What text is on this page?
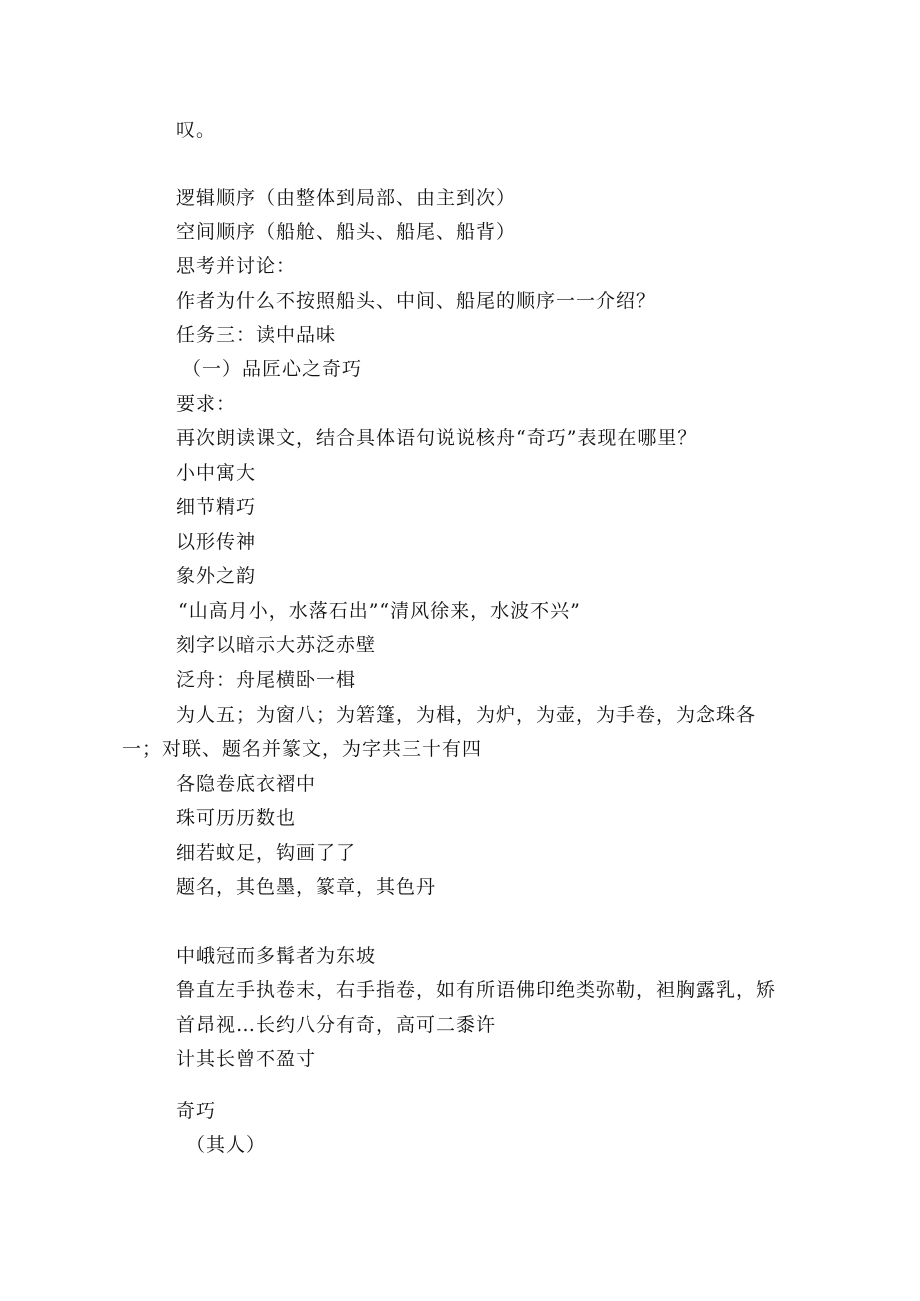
叹。
逻辑顺序（由整体到局部、由主到次）
空间顺序（船舱、船头、船尾、船背）
思考并讨论：
作者为什么不按照船头、中间、船尾的顺序一一介绍？
任务三：读中品味
（一）品匠心之奇巧
要求：
再次朗读课文，结合具体语句说说核舟“奇巧”表现在哪里？
小中寓大
细节精巧
以形传神
象外之韵
“山高月小，水落石出”“清风徐来，水波不兴”
刻字以暗示大苏泛赤壁
泛舟：舟尾横卧一楫
为人五；为窗八；为箬篷，为楫，为炉，为壶，为手卷，为念珠各
一；对联、题名并篆文，为字共三十有四
各隐卷底衣褶中
珠可历历数也
细若蚊足，钩画了了
题名，其色墨，篆章，其色丹
中峨冠而多髯者为东坡
鲁直左手执卷末，右手指卷，如有所语佛印绝类弥勒，袒胸露乳，矫
首昂视…长约八分有奇，高可二黍许
计其长曾不盈寸
奇巧
（其人）
